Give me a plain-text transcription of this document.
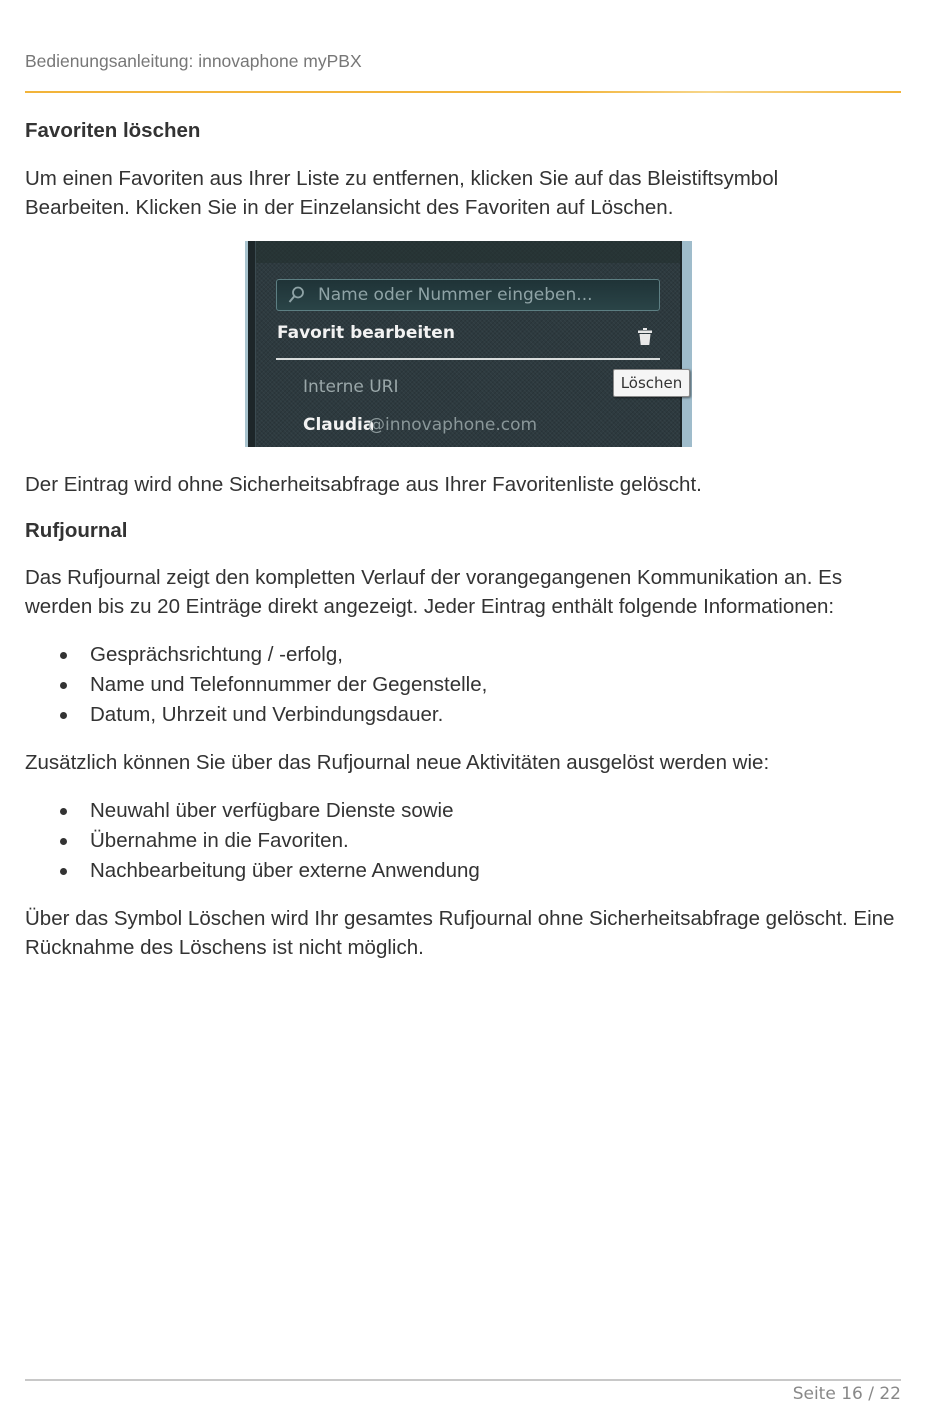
Bedienungsanleitung: innovaphone myPBX
Favoriten löschen
Um einen Favoriten aus Ihrer Liste zu entfernen, klicken Sie auf das Bleistiftsymbol Bearbeiten. Klicken Sie in der Einzelansicht des Favoriten auf Löschen.
Name oder Nummer eingeben...
Favorit bearbeiten
Interne URI
Claudia
@innovaphone.com
Löschen
Der Eintrag wird ohne Sicherheitsabfrage aus Ihrer Favoritenliste gelöscht.
Rufjournal
Das Rufjournal zeigt den kompletten Verlauf der vorangegangenen Kommunikation an. Es werden bis zu 20 Einträge direkt angezeigt. Jeder Eintrag enthält folgende Informationen:
Gesprächsrichtung / -erfolg,
Name und Telefonnummer der Gegenstelle,
Datum, Uhrzeit und Verbindungsdauer.
Zusätzlich können Sie über das Rufjournal neue Aktivitäten ausgelöst werden wie:
Neuwahl über verfügbare Dienste sowie
Übernahme in die Favoriten.
Nachbearbeitung über externe Anwendung
Über das Symbol Löschen wird Ihr gesamtes Rufjournal ohne Sicherheitsabfrage gelöscht. Eine Rücknahme des Löschens ist nicht möglich.
Seite 16 / 22
